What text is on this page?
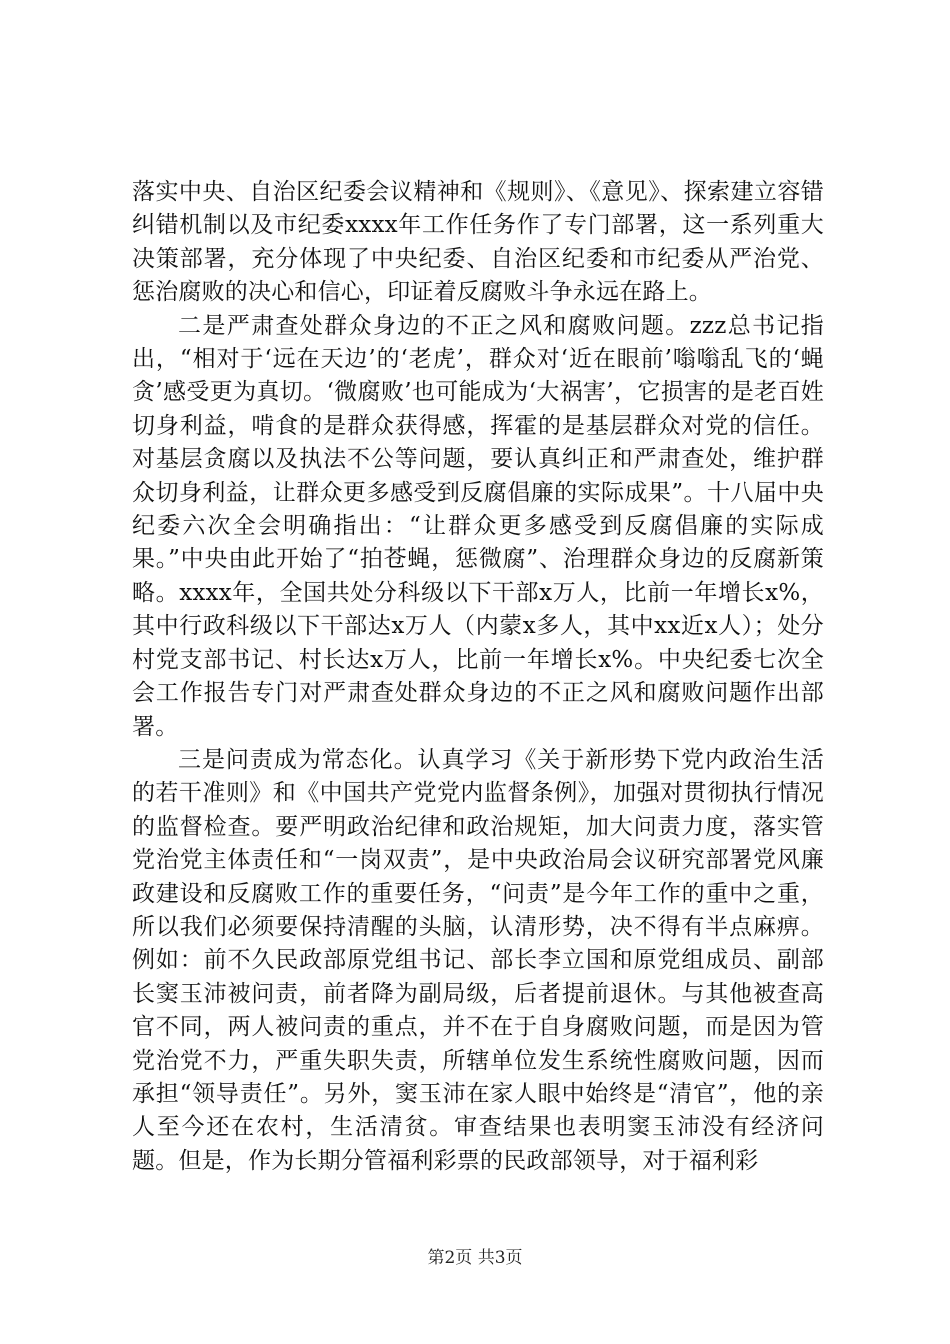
落实中央、自治区纪委会议精神和《规则》、《意见》、探索建立容错纠错机制以及市纪委xxxx年工作任务作了专门部署，这一系列重大决策部署，充分体现了中央纪委、自治区纪委和市纪委从严治党、惩治腐败的决心和信心，印证着反腐败斗争永远在路上。

二是严肃查处群众身边的不正之风和腐败问题。zzz总书记指出，“相对于‘远在天边’的‘老虎’，群众对‘近在眼前’嗡嗡乱飞的‘蝇贪’感受更为真切。‘微腐败’也可能成为‘大祸害’，它损害的是老百姓切身利益，啃食的是群众获得感，挥霍的是基层群众对党的信任。对基层贪腐以及执法不公等问题，要认真纠正和严肃查处，维护群众切身利益，让群众更多感受到反腐倡廉的实际成果”。十八届中央纪委六次全会明确指出：“让群众更多感受到反腐倡廉的实际成果。”中央由此开始了“拍苍蝇，惩微腐”、治理群众身边的反腐新策略。xxxx年，全国共处分科级以下干部x万人，比前一年增长x%，其中行政科级以下干部达x万人（内蒙x多人，其中xx近x人）；处分村党支部书记、村长达x万人，比前一年增长x%。中央纪委七次全会工作报告专门对严肃查处群众身边的不正之风和腐败问题作出部署。

三是问责成为常态化。认真学习《关于新形势下党内政治生活的若干准则》和《中国共产党党内监督条例》，加强对贯彻执行情况的监督检查。要严明政治纪律和政治规矩，加大问责力度，落实管党治党主体责任和“一岗双责”，是中央政治局会议研究部署党风廉政建设和反腐败工作的重要任务，“问责”是今年工作的重中之重，所以我们必须要保持清醒的头脑，认清形势，决不得有半点麻痹。例如：前不久民政部原党组书记、部长李立国和原党组成员、副部长窦玉沛被问责，前者降为副局级，后者提前退休。与其他被查高官不同，两人被问责的重点，并不在于自身腐败问题，而是因为管党治党不力，严重失职失责，所辖单位发生系统性腐败问题，因而承担“领导责任”。另外，窦玉沛在家人眼中始终是“清官”，他的亲人至今还在农村，生活清贫。审查结果也表明窦玉沛没有经济问题。但是，作为长期分管福利彩票的民政部领导，对于福利彩

第2页 共3页
